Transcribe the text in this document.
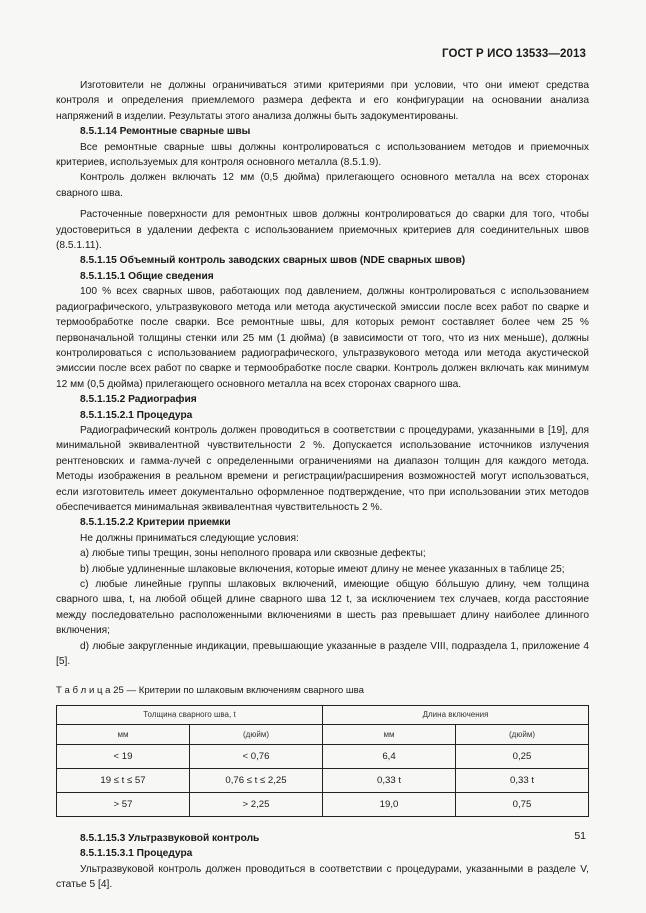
ГОСТ Р ИСО 13533—2013

Изготовители не должны ограничиваться этими критериями при условии, что они имеют средства контроля и определения приемлемого размера дефекта и его конфигурации на основании анализа напряжений в изделии. Результаты этого анализа должны быть задокументированы.

8.5.1.14 Ремонтные сварные швы

Все ремонтные сварные швы должны контролироваться с использованием методов и приемочных критериев, используемых для контроля основного металла (8.5.1.9).

Контроль должен включать 12 мм (0,5 дюйма) прилегающего основного металла на всех сторонах сварного шва.

Расточенные поверхности для ремонтных швов должны контролироваться до сварки для того, чтобы удостовериться в удалении дефекта с использованием приемочных критериев для соединительных швов (8.5.1.11).

8.5.1.15 Объемный контроль заводских сварных швов (NDE сварных швов)

8.5.1.15.1 Общие сведения

100 % всех сварных швов, работающих под давлением, должны контролироваться с использованием радиографического, ультразвукового метода или метода акустической эмиссии после всех работ по сварке и термообработке после сварки. Все ремонтные швы, для которых ремонт составляет более чем 25 % первоначальной толщины стенки или 25 мм (1 дюйма) (в зависимости от того, что из них меньше), должны контролироваться с использованием радиографического, ультразвукового метода или метода акустической эмиссии после всех работ по сварке и термообработке после сварки. Контроль должен включать как минимум 12 мм (0,5 дюйма) прилегающего основного металла на всех сторонах сварного шва.

8.5.1.15.2 Радиография

8.5.1.15.2.1 Процедура

Радиографический контроль должен проводиться в соответствии с процедурами, указанными в [19], для минимальной эквивалентной чувствительности 2 %. Допускается использование источников излучения рентгеновских и гамма-лучей с определенными ограничениями на диапазон толщин для каждого метода. Методы изображения в реальном времени и регистрации/расширения возможностей могут использоваться, если изготовитель имеет документально оформленное подтверждение, что при использовании этих методов обеспечивается минимальная эквивалентная чувствительность 2 %.

8.5.1.15.2.2 Критерии приемки

Не должны приниматься следующие условия:

a) любые типы трещин, зоны неполного провара или сквозные дефекты;

b) любые удлиненные шлаковые включения, которые имеют длину не менее указанных в таблице 25;

c) любые линейные группы шлаковых включений, имеющие общую бо́льшую длину, чем толщина сварного шва, t, на любой общей длине сварного шва 12 t, за исключением тех случаев, когда расстояние между последовательно расположенными включениями в шесть раз превышает длину наиболее длинного включения;

d) любые закругленные индикации, превышающие указанные в разделе VIII, подраздела 1, приложение 4 [5].

Т а б л и ц а 25 — Критерии по шлаковым включениям сварного шва
Толщина сварного шва, t		Длина включения	
мм	(дюйм)	мм	(дюйм)
< 19	< 0,76	6,4	0,25
19 ≤ t ≤ 57	0,76 ≤ t ≤ 2,25	0,33 t	0,33 t
> 57	> 2,25	19,0	0,75

8.5.1.15.3 Ультразвуковой контроль

8.5.1.15.3.1 Процедура

Ультразвуковой контроль должен проводиться в соответствии с процедурами, указанными в разделе V, статье 5 [4].

51
